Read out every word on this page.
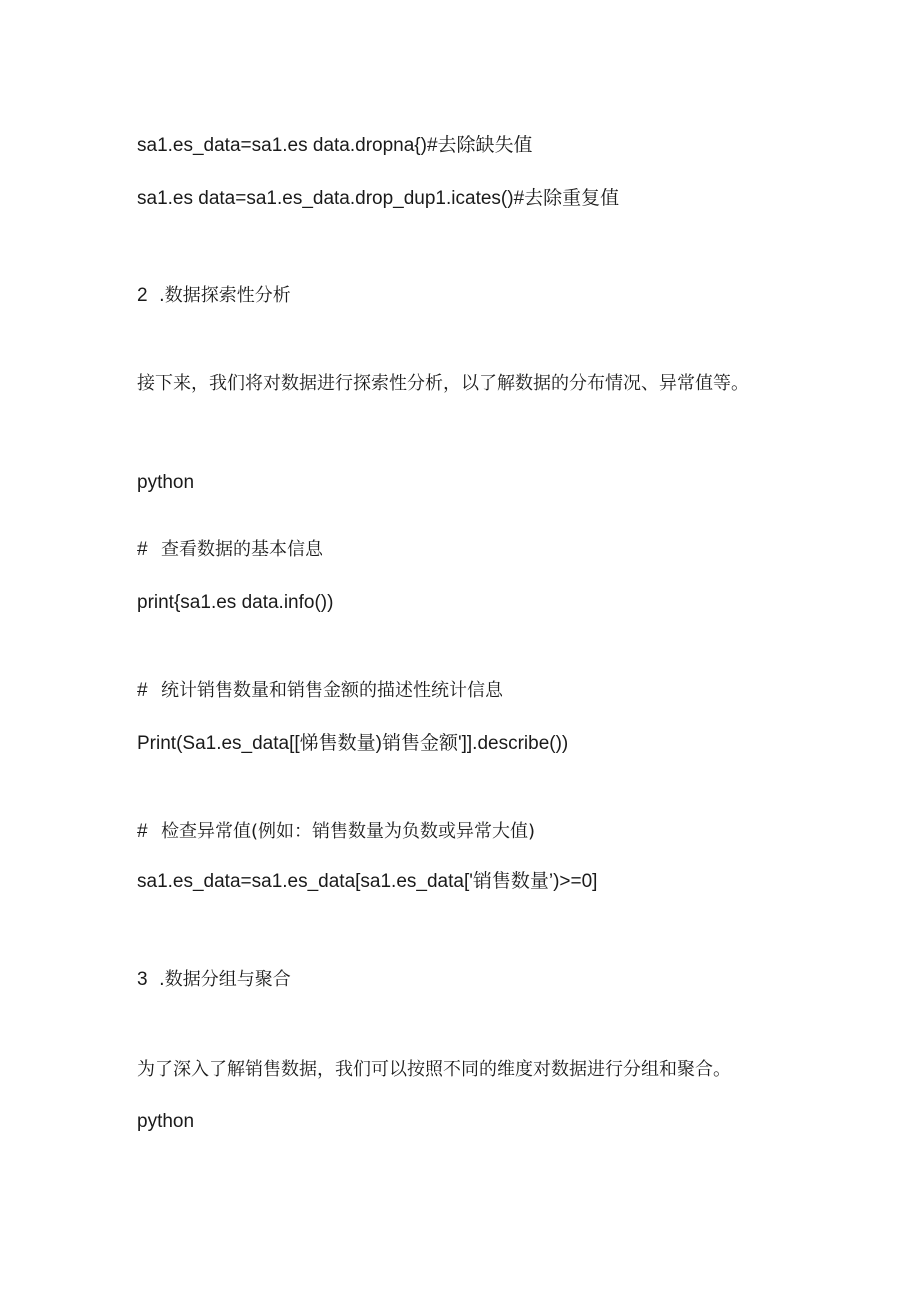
sa1.es_data=sa1.es data.dropna{)#去除缺失值
sa1.es data=sa1.es_data.drop_dup1.icates()#去除重复值
2 .数据探索性分析
接下来，我们将对数据进行探索性分析，以了解数据的分布情况、异常值等。
python
# 查看数据的基本信息
print{sa1.es data.info())
# 统计销售数量和销售金额的描述性统计信息
Print(Sa1.es_data[[悌售数量)销售金额']].describe())
# 检查异常值(例如：销售数量为负数或异常大值)
sa1.es_data=sa1.es_data[sa1.es_data['销售数量’)>=0]
3 .数据分组与聚合
为了深入了解销售数据，我们可以按照不同的维度对数据进行分组和聚合。
python
